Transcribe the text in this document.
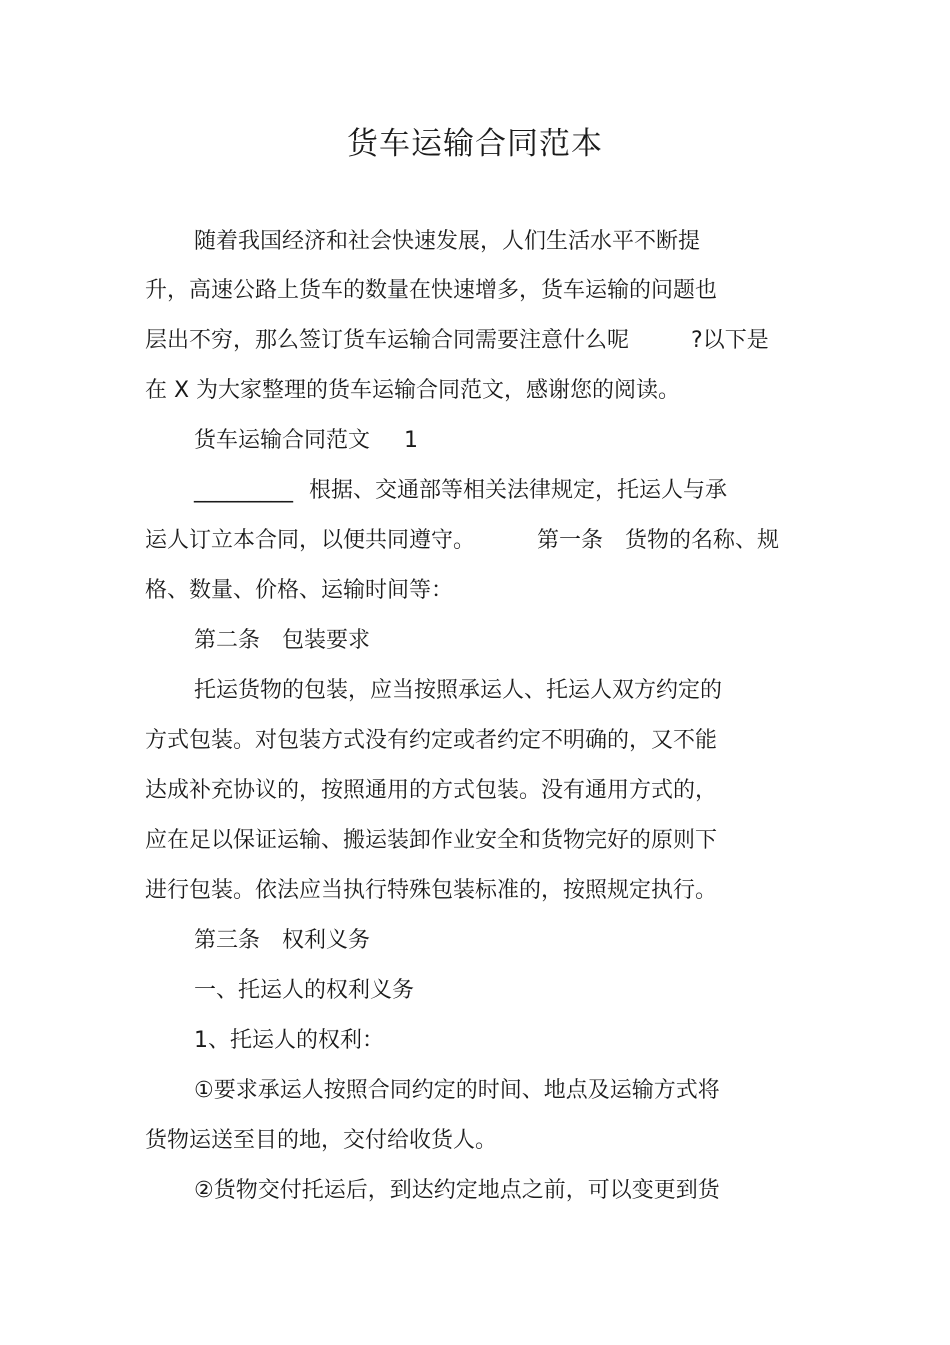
货车运输合同范本
随着我国经济和社会快速发展，人们生活水平不断提
升，高速公路上货车的数量在快速增多，货车运输的问题也
层出不穷，那么签订货车运输合同需要注意什么呢	?以下是
在 X 为大家整理的货车运输合同范文，感谢您的阅读。
货车运输合同范文 1
_________ 根据、交通部等相关法律规定，托运人与承
运人订立本合同，以便共同遵守。	第一条 货物的名称、规
格、数量、价格、运输时间等：
第二条 包装要求
托运货物的包装，应当按照承运人、托运人双方约定的
方式包装。对包装方式没有约定或者约定不明确的，又不能
达成补充协议的，按照通用的方式包装。没有通用方式的，
应在足以保证运输、搬运装卸作业安全和货物完好的原则下
进行包装。依法应当执行特殊包装标准的，按照规定执行。
第三条 权利义务
一、托运人的权利义务
1、托运人的权利：
①要求承运人按照合同约定的时间、地点及运输方式将
货物运送至目的地，交付给收货人。
②货物交付托运后，到达约定地点之前，可以变更到货
